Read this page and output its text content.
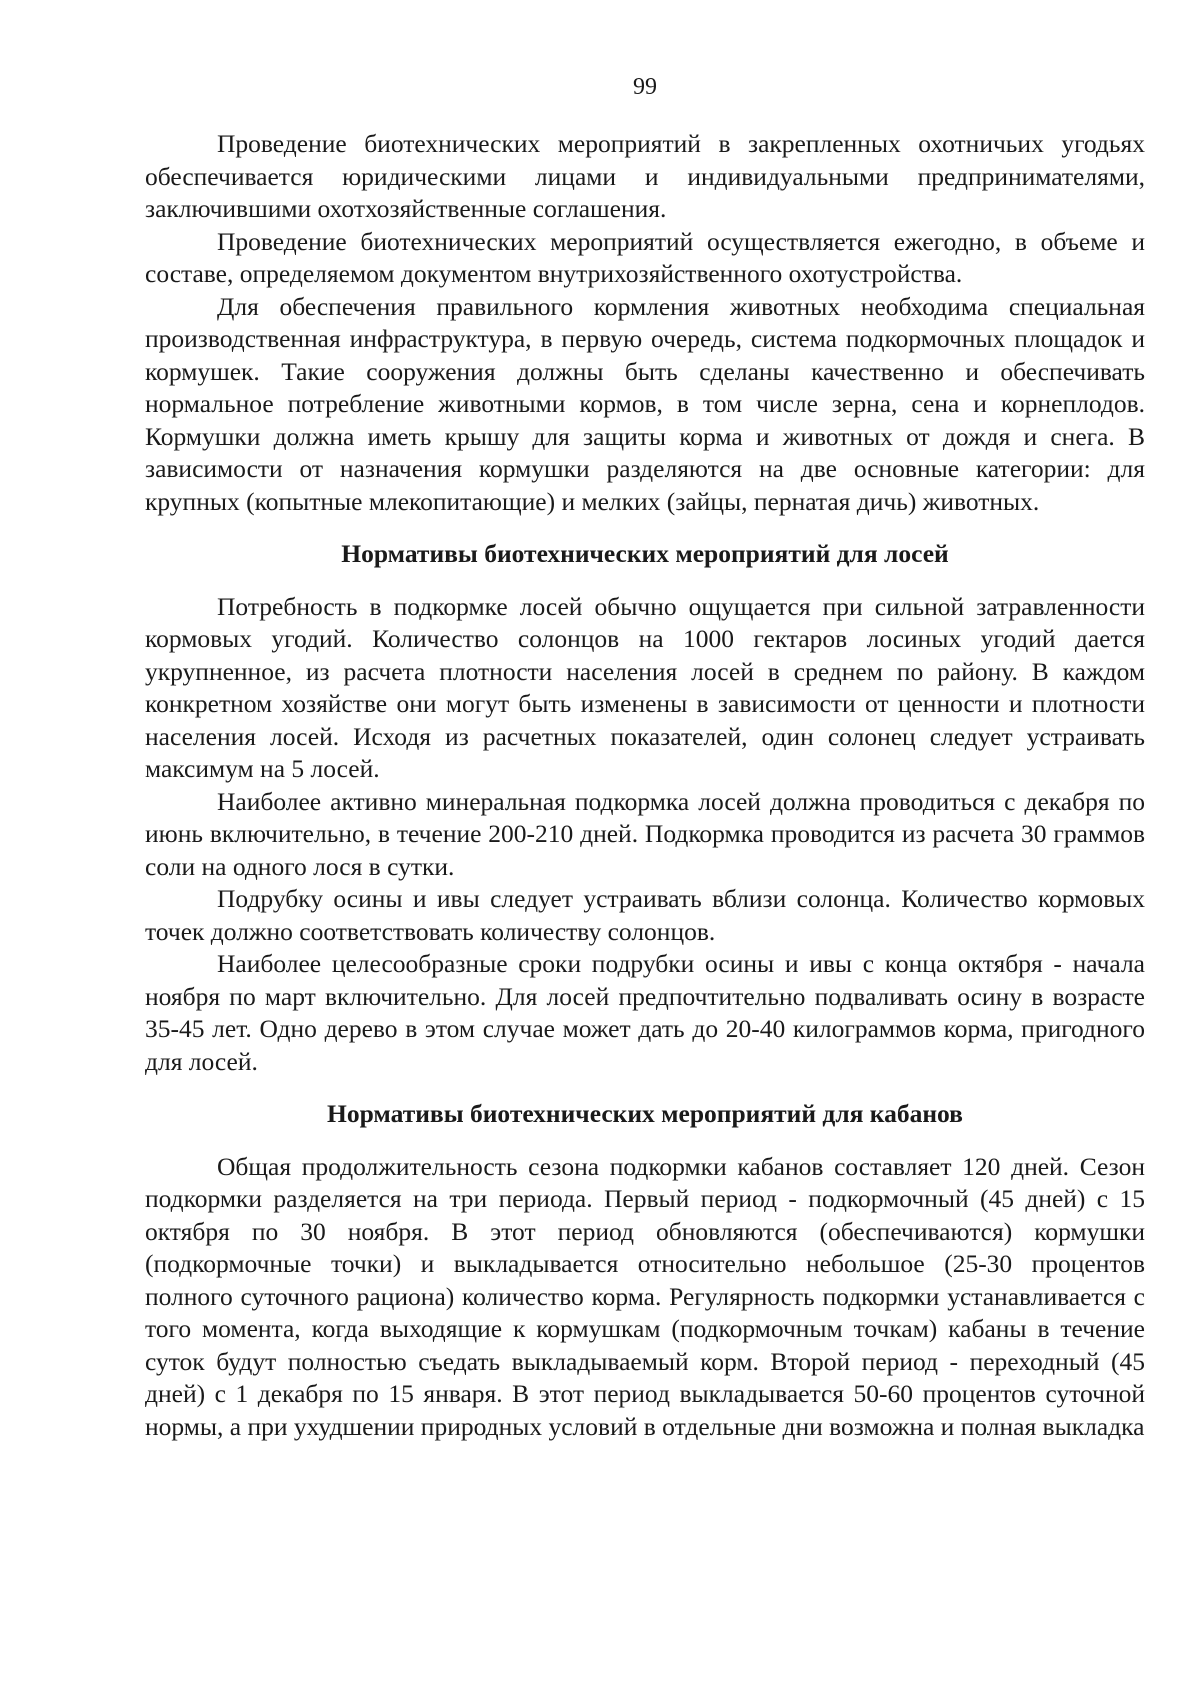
99

Проведение биотехнических мероприятий в закрепленных охотничьих угодьях обеспечивается юридическими лицами и индивидуальными предпринимателями, заключившими охотхозяйственные соглашения.

Проведение биотехнических мероприятий осуществляется ежегодно, в объеме и составе, определяемом документом внутрихозяйственного охотустройства.

Для обеспечения правильного кормления животных необходима специальная производственная инфраструктура, в первую очередь, система подкормочных площадок и кормушек. Такие сооружения должны быть сделаны качественно и обеспечивать нормальное потребление животными кормов, в том числе зерна, сена и корнеплодов. Кормушки должна иметь крышу для защиты корма и животных от дождя и снега. В зависимости от назначения кормушки разделяются на две основные категории: для крупных (копытные млекопитающие) и мелких (зайцы, пернатая дичь) животных.

Нормативы биотехнических мероприятий для лосей

Потребность в подкормке лосей обычно ощущается при сильной затравленности кормовых угодий. Количество солонцов на 1000 гектаров лосиных угодий дается укрупненное, из расчета плотности населения лосей в среднем по району. В каждом конкретном хозяйстве они могут быть изменены в зависимости от ценности и плотности населения лосей. Исходя из расчетных показателей, один солонец следует устраивать максимум на 5 лосей.

Наиболее активно минеральная подкормка лосей должна проводиться с декабря по июнь включительно, в течение 200-210 дней. Подкормка проводится из расчета 30 граммов соли на одного лося в сутки.

Подрубку осины и ивы следует устраивать вблизи солонца. Количество кормовых точек должно соответствовать количеству солонцов.

Наиболее целесообразные сроки подрубки осины и ивы с конца октября - начала ноября по март включительно. Для лосей предпочтительно подваливать осину в возрасте 35-45 лет. Одно дерево в этом случае может дать до 20-40 килограммов корма, пригодного для лосей.

Нормативы биотехнических мероприятий для кабанов

Общая продолжительность сезона подкормки кабанов составляет 120 дней. Сезон подкормки разделяется на три периода. Первый период - подкормочный (45 дней) с 15 октября по 30 ноября. В этот период обновляются (обеспечиваются) кормушки (подкормочные точки) и выкладывается относительно небольшое (25-30 процентов полного суточного рациона) количество корма. Регулярность подкормки устанавливается с того момента, когда выходящие к кормушкам (подкормочным точкам) кабаны в течение суток будут полностью съедать выкладываемый корм. Второй период - переходный (45 дней) с 1 декабря по 15 января. В этот период выкладывается 50-60 процентов суточной нормы, а при ухудшении природных условий в отдельные дни возможна и полная выкладка
